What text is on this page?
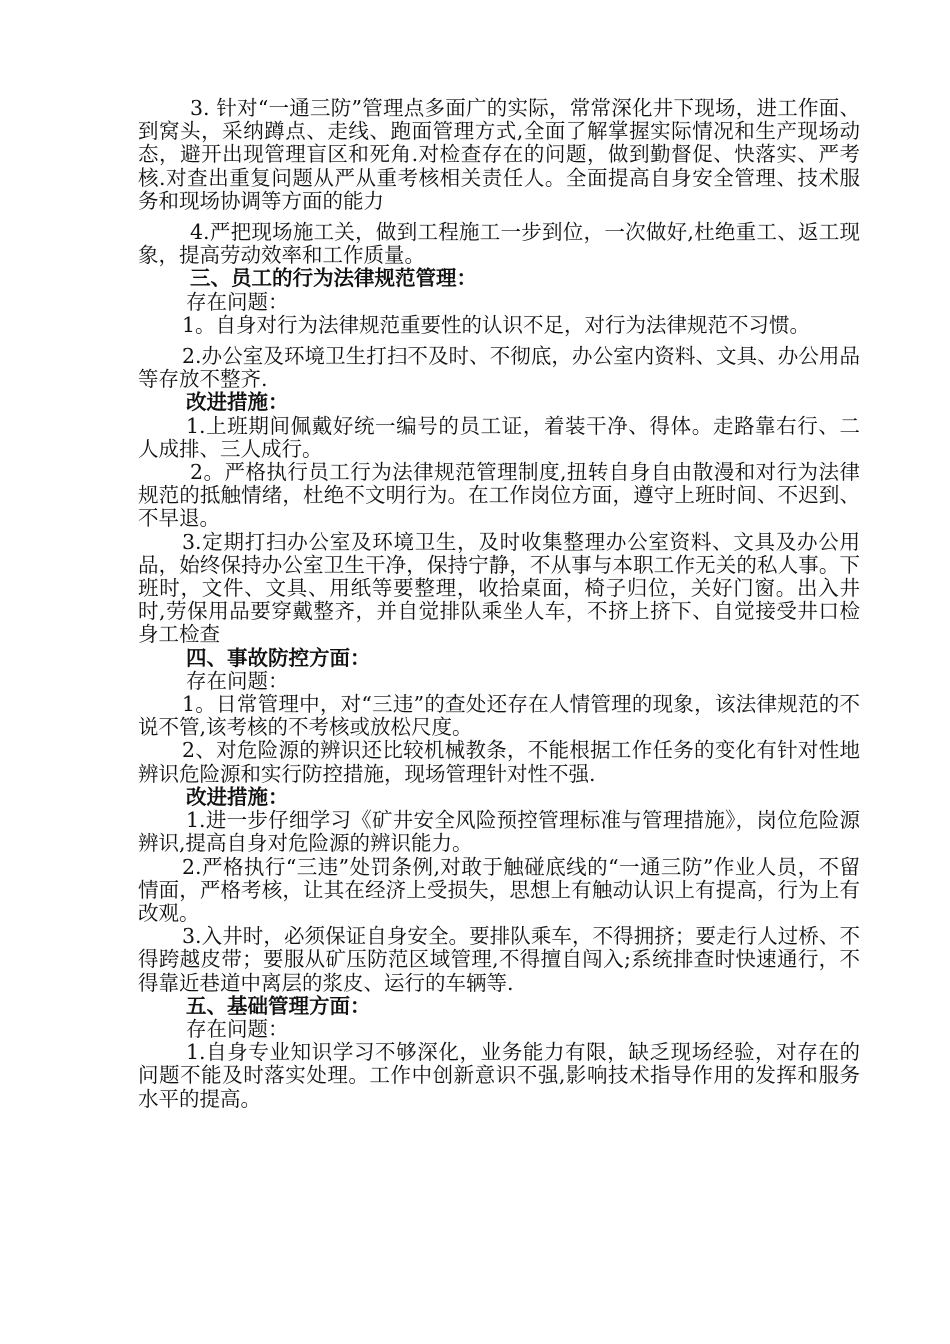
3. 针对“一通三防”管理点多面广的实际，常常深化井下现场，进工作面、到窝头，采纳蹲点、走线、跑面管理方式,全面了解掌握实际情况和生产现场动态，避开出现管理盲区和死角.对检查存在的问题，做到勤督促、快落实、严考核.对查出重复问题从严从重考核相关责任人。全面提高自身安全管理、技术服务和现场协调等方面的能力

4.严把现场施工关，做到工程施工一步到位，一次做好,杜绝重工、返工现象，提高劳动效率和工作质量。

三、员工的行为法律规范管理：

存在问题：

1。自身对行为法律规范重要性的认识不足，对行为法律规范不习惯。

2.办公室及环境卫生打扫不及时、不彻底，办公室内资料、文具、办公用品等存放不整齐.

改进措施：

1.上班期间佩戴好统一编号的员工证，着装干净、得体。走路靠右行、二人成排、三人成行。

2。严格执行员工行为法律规范管理制度,扭转自身自由散漫和对行为法律规范的抵触情绪，杜绝不文明行为。在工作岗位方面，遵守上班时间、不迟到、不早退。

3.定期打扫办公室及环境卫生，及时收集整理办公室资料、文具及办公用品，始终保持办公室卫生干净，保持宁静，不从事与本职工作无关的私人事。下班时，文件、文具、用纸等要整理，收拾桌面，椅子归位，关好门窗。出入井时,劳保用品要穿戴整齐，并自觉排队乘坐人车，不挤上挤下、自觉接受井口检身工检查

四、事故防控方面：

存在问题：

1。日常管理中，对“三违”的查处还存在人情管理的现象，该法律规范的不说不管,该考核的不考核或放松尺度。

2、对危险源的辨识还比较机械教条，不能根据工作任务的变化有针对性地辨识危险源和实行防控措施，现场管理针对性不强.

改进措施：

1.进一步仔细学习《矿井安全风险预控管理标准与管理措施》，岗位危险源辨识,提高自身对危险源的辨识能力。

2.严格执行“三违”处罚条例,对敢于触碰底线的“一通三防”作业人员，不留情面，严格考核，让其在经济上受损失，思想上有触动认识上有提高，行为上有改观。

3.入井时，必须保证自身安全。要排队乘车，不得拥挤；要走行人过桥、不得跨越皮带；要服从矿压防范区域管理,不得擅自闯入;系统排查时快速通行，不得靠近巷道中离层的浆皮、运行的车辆等.

五、基础管理方面：

存在问题：

1.自身专业知识学习不够深化，业务能力有限，缺乏现场经验，对存在的问题不能及时落实处理。工作中创新意识不强,影响技术指导作用的发挥和服务水平的提高。
